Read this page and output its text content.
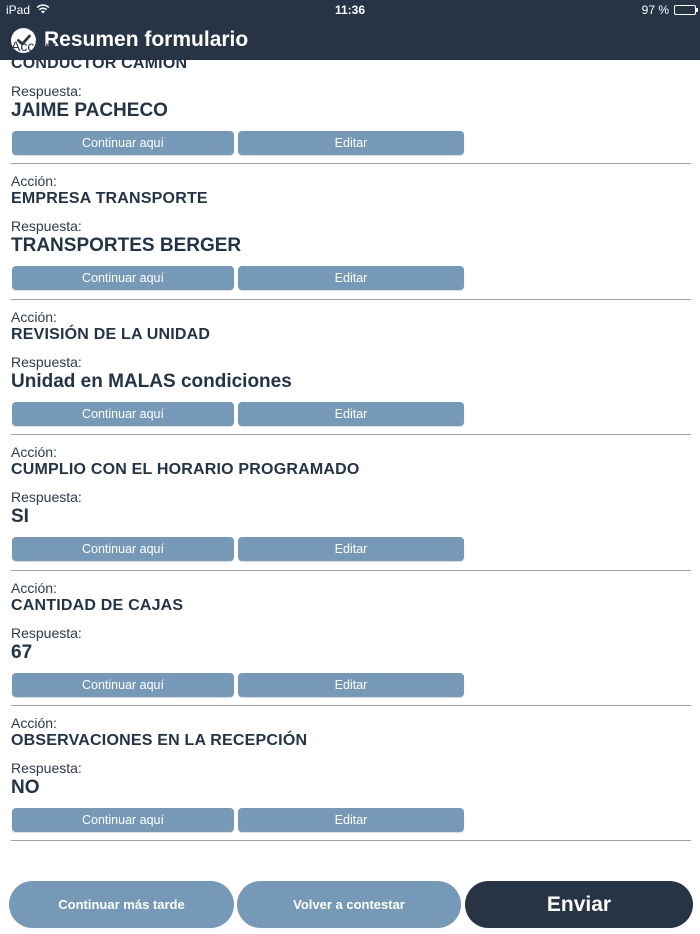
iPad	11:36	97 %
Resumen formulario
Acción:
CONDUCTOR CAMION
Respuesta:
JAIME PACHECO
Continuar aquí	Editar
Acción:
EMPRESA TRANSPORTE
Respuesta:
TRANSPORTES BERGER
Continuar aquí	Editar
Acción:
REVISIÓN DE LA UNIDAD
Respuesta:
Unidad en MALAS condiciones
Continuar aquí	Editar
Acción:
CUMPLIO CON EL HORARIO PROGRAMADO
Respuesta:
SI
Continuar aquí	Editar
Acción:
CANTIDAD DE CAJAS
Respuesta:
67
Continuar aquí	Editar
Acción:
OBSERVACIONES EN LA RECEPCIÓN
Respuesta:
NO
Continuar aquí	Editar
Continuar más tarde	Volver a contestar	Enviar
